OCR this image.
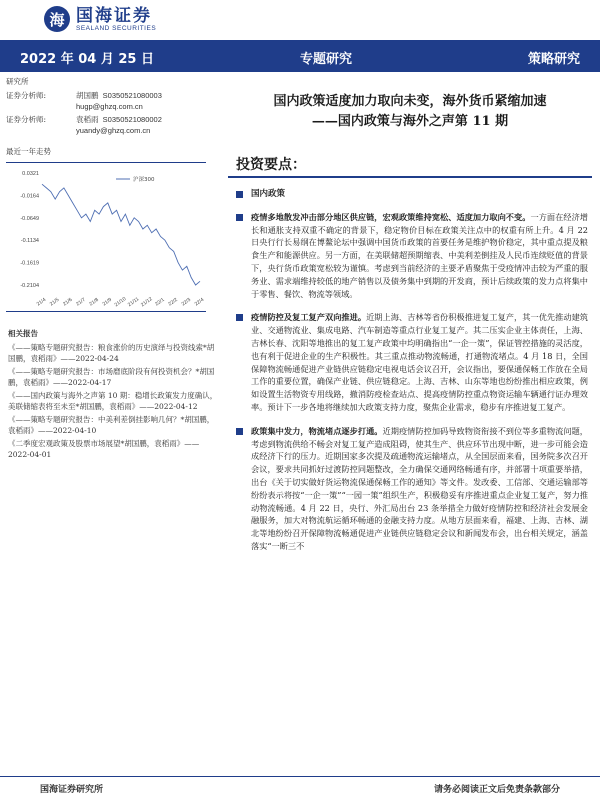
海 国海证券
SEALAND SECURITIES
2022 年 04 月 25 日	专题研究	策略研究
研究所
证券分析师:	胡国鹏 S0350521080003
hugp@ghzq.com.cn
证券分析师:	袁稻雨 S0350521080002
yuandy@ghzq.com.cn
最近一年走势
0.0321
-0.0164
-0.0649
-0.1134
-0.1619
-0.2104
21/4 21/5 21/6 21/7 21/8 21/9 21/10 21/11 21/12 22/1 22/2 22/3 22/4
沪深300
相关报告
《——策略专题研究报告：粮食涨价的历史演绎与投资线索*胡国鹏，袁稻雨》——2022-04-24
《——策略专题研究报告：市场磨底阶段有何投资机会？*胡国鹏，袁稻雨》——2022-04-17
《——国内政策与海外之声第 10 期：稳增长政策发力度确认，美联储缩表将至未至*胡国鹏，袁稻雨》——2022-04-12
《——策略专题研究报告：中美利差倒挂影响几何？*胡国鹏，袁稻雨》——2022-04-10
《二季度宏观政策及股票市场展望*胡国鹏，袁稻雨》——2022-04-01
国内政策适度加力取向未变，海外货币紧缩加速
——国内政策与海外之声第 11 期
投资要点：
国内政策
疫情多地散发冲击部分地区供应链，宏观政策维持宽松、适度加力取向不变。一方面在经济增长和通胀支持双重不确定的背景下，稳定物价目标在政策关注点中的权重有所上升。4 月 22 日央行行长易纲在博鳌论坛中强调中国货币政策的首要任务是维护物价稳定，其中重点提及粮食生产和能源供应。另一方面，在美联储超预期缩表、中美利差倒挂及人民币连续贬值的背景下，央行货币政策宽松较为谨慎。考虑到当前经济的主要矛盾聚焦于受疫情冲击较为严重的服务业、需求端维持较低的地产销售以及债务集中到期的开发商，预计后续政策的发力点将集中于零售、餐饮、物流等领域。
疫情防控及复工复产双向推进。近期上海、吉林等省份积极推进复工复产，其一优先推动建筑业、交通物流业、集成电路、汽车制造等重点行业复工复产。其二压实企业主体责任，上海、吉林长春、沈阳等地推出的复工复产政策中均明确指出“一企一策”，保证管控措施的灵活度，也有利于促进企业的生产积极性。其三重点推动物流畅通，打通物流堵点。4 月 18 日，全国保障物流畅通促进产业链供应链稳定电视电话会议召开，会议指出，要保通保畅工作放在全局工作的重要位置，确保产业链、供应链稳定。上海、吉林、山东等地也纷纷推出相应政策，例如设置生活物资专用线路，撤消防疫检查站点、提高疫情防控重点物资运输车辆通行证办理效率。预计下一步各地将继续加大政策支持力度，聚焦企业需求，稳步有序推进复工复产。
政策集中发力，物流堵点逐步打通。近期疫情防控加码导致物资衔接不到位等多重物流问题，考虑到物流供给不畅会对复工复产造成阻碍，使其生产、供应环节出现中断，进一步可能会造成经济下行的压力。近期国家多次提及疏通物流运输堵点，从全国层面来看，国务院多次召开会议，要求共同抓好过渡防控同题整改，全力确保交通网络畅通有序，并部署十项重要举措，出台《关于切实做好货运物流保通保畅工作的通知》等文件。发改委、工信部、交通运输部等纷纷表示将按“一企一策”“一园一策”组织生产，积极稳妥有序推进重点企业复工复产，努力推动物流畅通。4 月 22 日，央行、外汇局出台 23 条举措全力做好疫情防控和经济社会发展金融服务，加大对物流航运循环畅通的金融支持力度。从地方层面来看，福建、上海、吉林、湖北等地纷纷召开保障物流畅通促进产业链供应链稳定会议和新闻发布会，出台相关规定，涵盖落实“一断三不
国海证券研究所	请务必阅读正文后免责条款部分
